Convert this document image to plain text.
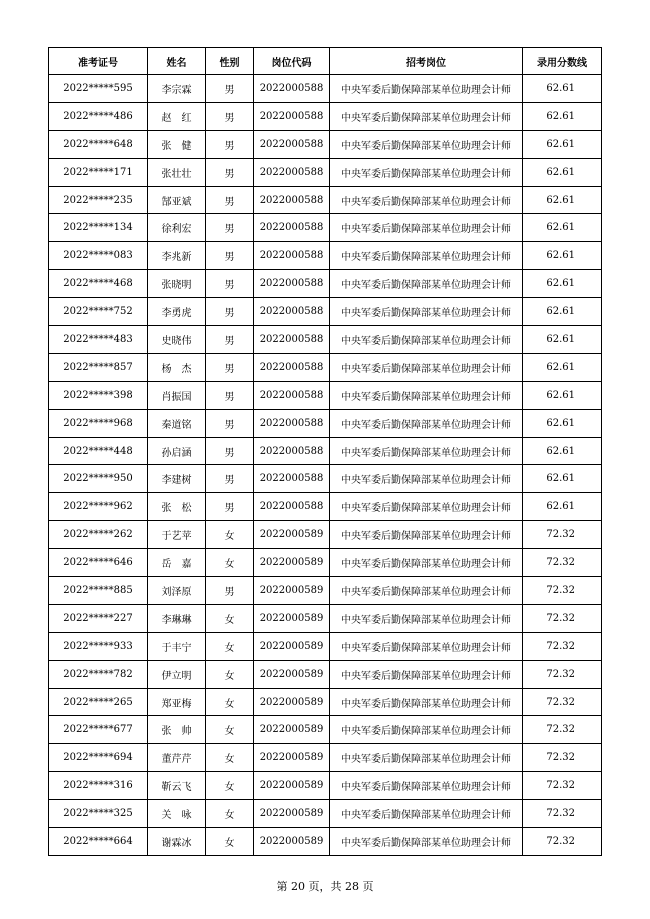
准考证号	姓名	性别	岗位代码	招考岗位	录用分数线
2022*****595	李宗霖	男	2022000588	中央军委后勤保障部某单位助理会计师	62.61
2022*****486	赵　红	男	2022000588	中央军委后勤保障部某单位助理会计师	62.61
2022*****648	张　健	男	2022000588	中央军委后勤保障部某单位助理会计师	62.61
2022*****171	张壮壮	男	2022000588	中央军委后勤保障部某单位助理会计师	62.61
2022*****235	郜亚斌	男	2022000588	中央军委后勤保障部某单位助理会计师	62.61
2022*****134	徐利宏	男	2022000588	中央军委后勤保障部某单位助理会计师	62.61
2022*****083	李兆新	男	2022000588	中央军委后勤保障部某单位助理会计师	62.61
2022*****468	张晓明	男	2022000588	中央军委后勤保障部某单位助理会计师	62.61
2022*****752	李勇虎	男	2022000588	中央军委后勤保障部某单位助理会计师	62.61
2022*****483	史晓伟	男	2022000588	中央军委后勤保障部某单位助理会计师	62.61
2022*****857	杨　杰	男	2022000588	中央军委后勤保障部某单位助理会计师	62.61
2022*****398	肖振国	男	2022000588	中央军委后勤保障部某单位助理会计师	62.61
2022*****968	秦道铭	男	2022000588	中央军委后勤保障部某单位助理会计师	62.61
2022*****448	孙启涵	男	2022000588	中央军委后勤保障部某单位助理会计师	62.61
2022*****950	李建树	男	2022000588	中央军委后勤保障部某单位助理会计师	62.61
2022*****962	张　松	男	2022000588	中央军委后勤保障部某单位助理会计师	62.61
2022*****262	于艺苹	女	2022000589	中央军委后勤保障部某单位助理会计师	72.32
2022*****646	岳　嘉	女	2022000589	中央军委后勤保障部某单位助理会计师	72.32
2022*****885	刘泽原	男	2022000589	中央军委后勤保障部某单位助理会计师	72.32
2022*****227	李琳琳	女	2022000589	中央军委后勤保障部某单位助理会计师	72.32
2022*****933	于丰宁	女	2022000589	中央军委后勤保障部某单位助理会计师	72.32
2022*****782	伊立明	女	2022000589	中央军委后勤保障部某单位助理会计师	72.32
2022*****265	郑亚梅	女	2022000589	中央军委后勤保障部某单位助理会计师	72.32
2022*****677	张　帅	女	2022000589	中央军委后勤保障部某单位助理会计师	72.32
2022*****694	董芹芹	女	2022000589	中央军委后勤保障部某单位助理会计师	72.32
2022*****316	靳云飞	女	2022000589	中央军委后勤保障部某单位助理会计师	72.32
2022*****325	关　咏	女	2022000589	中央军委后勤保障部某单位助理会计师	72.32
2022*****664	谢霖冰	女	2022000589	中央军委后勤保障部某单位助理会计师	72.32
第 20 页，共 28 页
